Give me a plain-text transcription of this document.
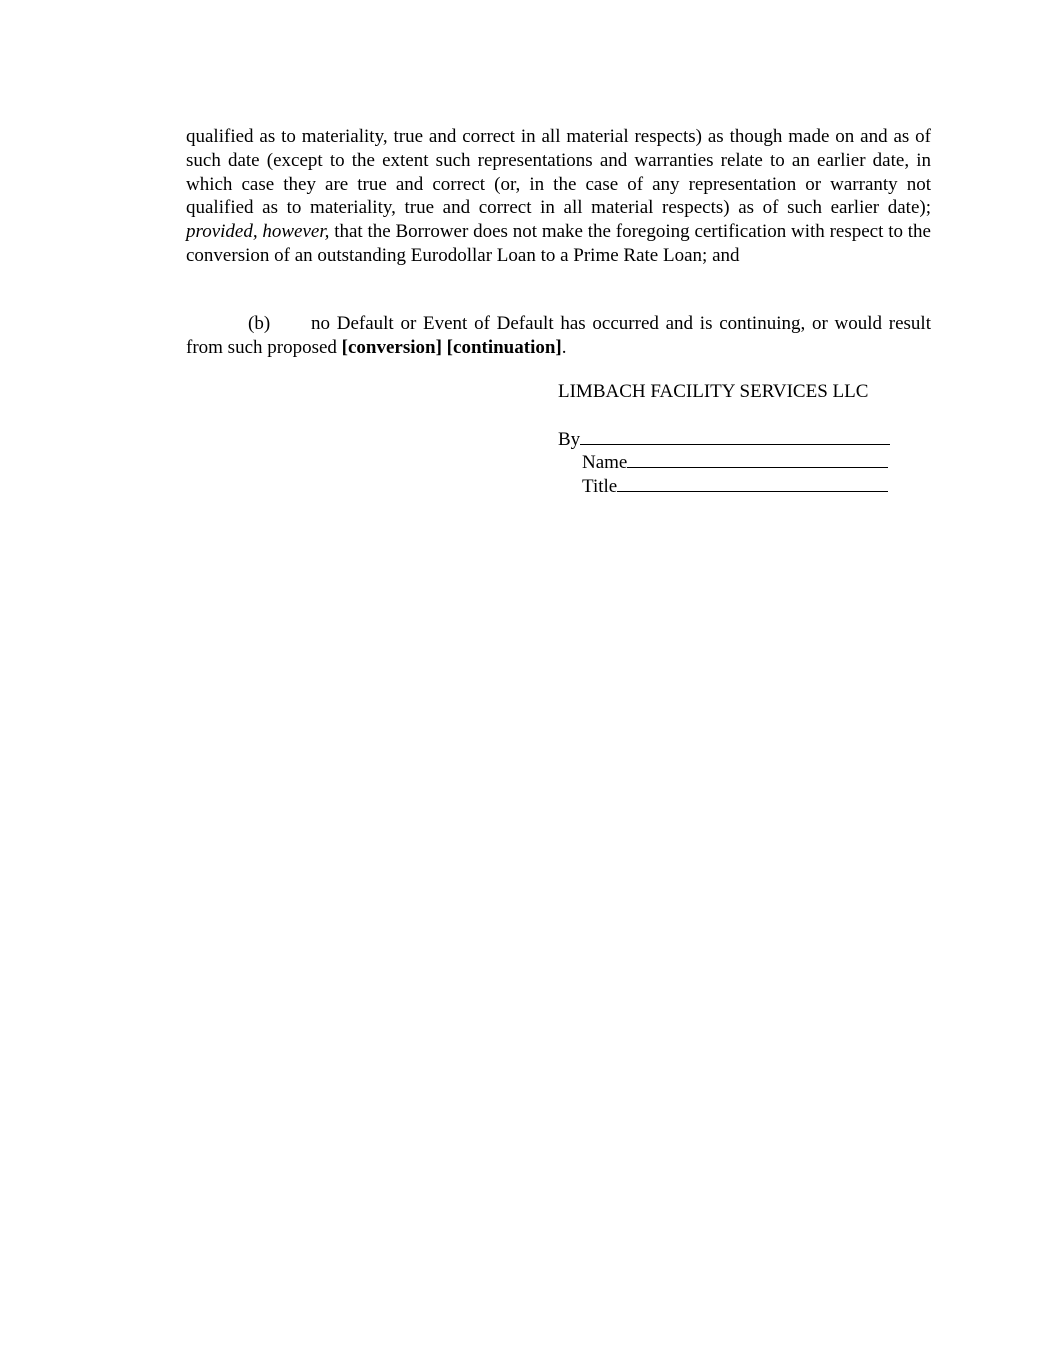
qualified as to materiality, true and correct in all material respects) as though made on and as of such date (except to the extent such representations and warranties relate to an earlier date, in which case they are true and correct (or, in the case of any representation or warranty not qualified as to materiality, true and correct in all material respects) as of such earlier date); provided, however, that the Borrower does not make the foregoing certification with respect to the conversion of an outstanding Eurodollar Loan to a Prime Rate Loan; and

(b) no Default or Event of Default has occurred and is continuing, or would result from such proposed [conversion] [continuation].

LIMBACH FACILITY SERVICES LLC

By

Name

Title
